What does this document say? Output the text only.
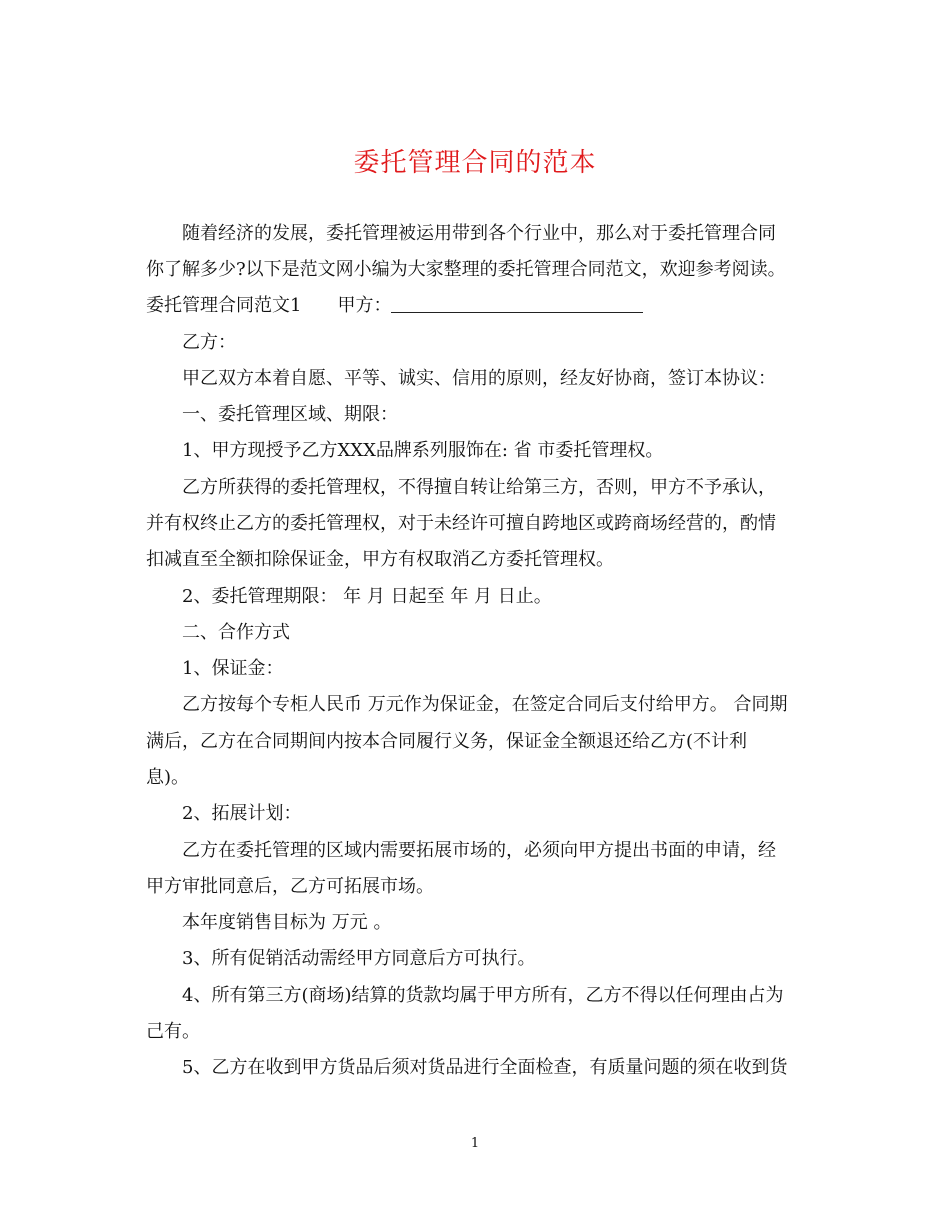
委托管理合同的范本
随着经济的发展，委托管理被运用带到各个行业中，那么对于委托管理合同
你了解多少?以下是范文网小编为大家整理的委托管理合同范文，欢迎参考阅读。
委托管理合同范文1　　甲方：
乙方：
甲乙双方本着自愿、平等、诚实、信用的原则，经友好协商，签订本协议：
一、委托管理区域、期限：
1、甲方现授予乙方XXX品牌系列服饰在: 省 市委托管理权。
乙方所获得的委托管理权，不得擅自转让给第三方，否则，甲方不予承认，
并有权终止乙方的委托管理权，对于未经许可擅自跨地区或跨商场经营的，酌情
扣减直至全额扣除保证金，甲方有权取消乙方委托管理权。
2、委托管理期限： 年 月 日起至 年 月 日止。
二、合作方式
1、保证金：
乙方按每个专柜人民币 万元作为保证金，在签定合同后支付给甲方。 合同期
满后，乙方在合同期间内按本合同履行义务，保证金全额退还给乙方(不计利
息)。
2、拓展计划：
乙方在委托管理的区域内需要拓展市场的，必须向甲方提出书面的申请，经
甲方审批同意后，乙方可拓展市场。
本年度销售目标为 万元 。
3、所有促销活动需经甲方同意后方可执行。
4、所有第三方(商场)结算的货款均属于甲方所有，乙方不得以任何理由占为
己有。
5、乙方在收到甲方货品后须对货品进行全面检查，有质量问题的须在收到货
1
